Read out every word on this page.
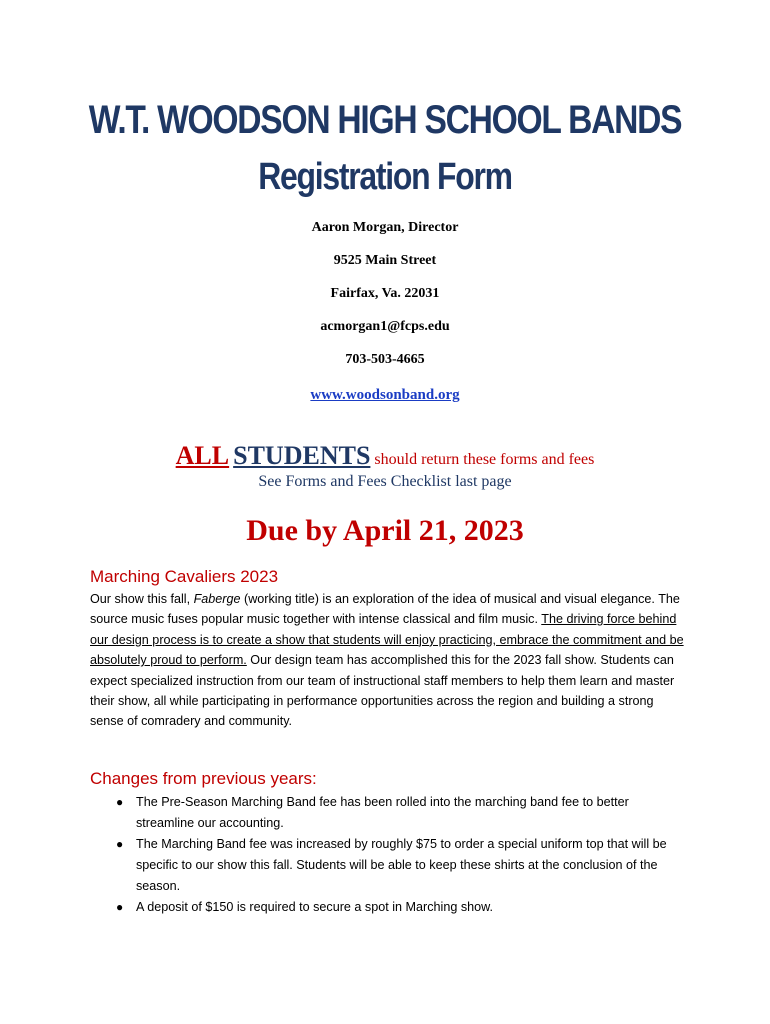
W.T. WOODSON HIGH SCHOOL BANDS
Registration Form
Aaron Morgan, Director
9525 Main Street
Fairfax, Va. 22031
acmorgan1@fcps.edu
703-503-4665
www.woodsonband.org
ALL STUDENTS should return these forms and fees
See Forms and Fees Checklist last page
Due by April 21, 2023
Marching Cavaliers 2023
Our show this fall, Faberge (working title) is an exploration of the idea of musical and visual elegance. The source music fuses popular music together with intense classical and film music. The driving force behind our design process is to create a show that students will enjoy practicing, embrace the commitment and be absolutely proud to perform. Our design team has accomplished this for the 2023 fall show. Students can expect specialized instruction from our team of instructional staff members to help them learn and master their show, all while participating in performance opportunities across the region and building a strong sense of comradery and community.
Changes from previous years:
● The Pre-Season Marching Band fee has been rolled into the marching band fee to better streamline our accounting.
● The Marching Band fee was increased by roughly $75 to order a special uniform top that will be specific to our show this fall. Students will be able to keep these shirts at the conclusion of the season.
● A deposit of $150 is required to secure a spot in Marching show.
